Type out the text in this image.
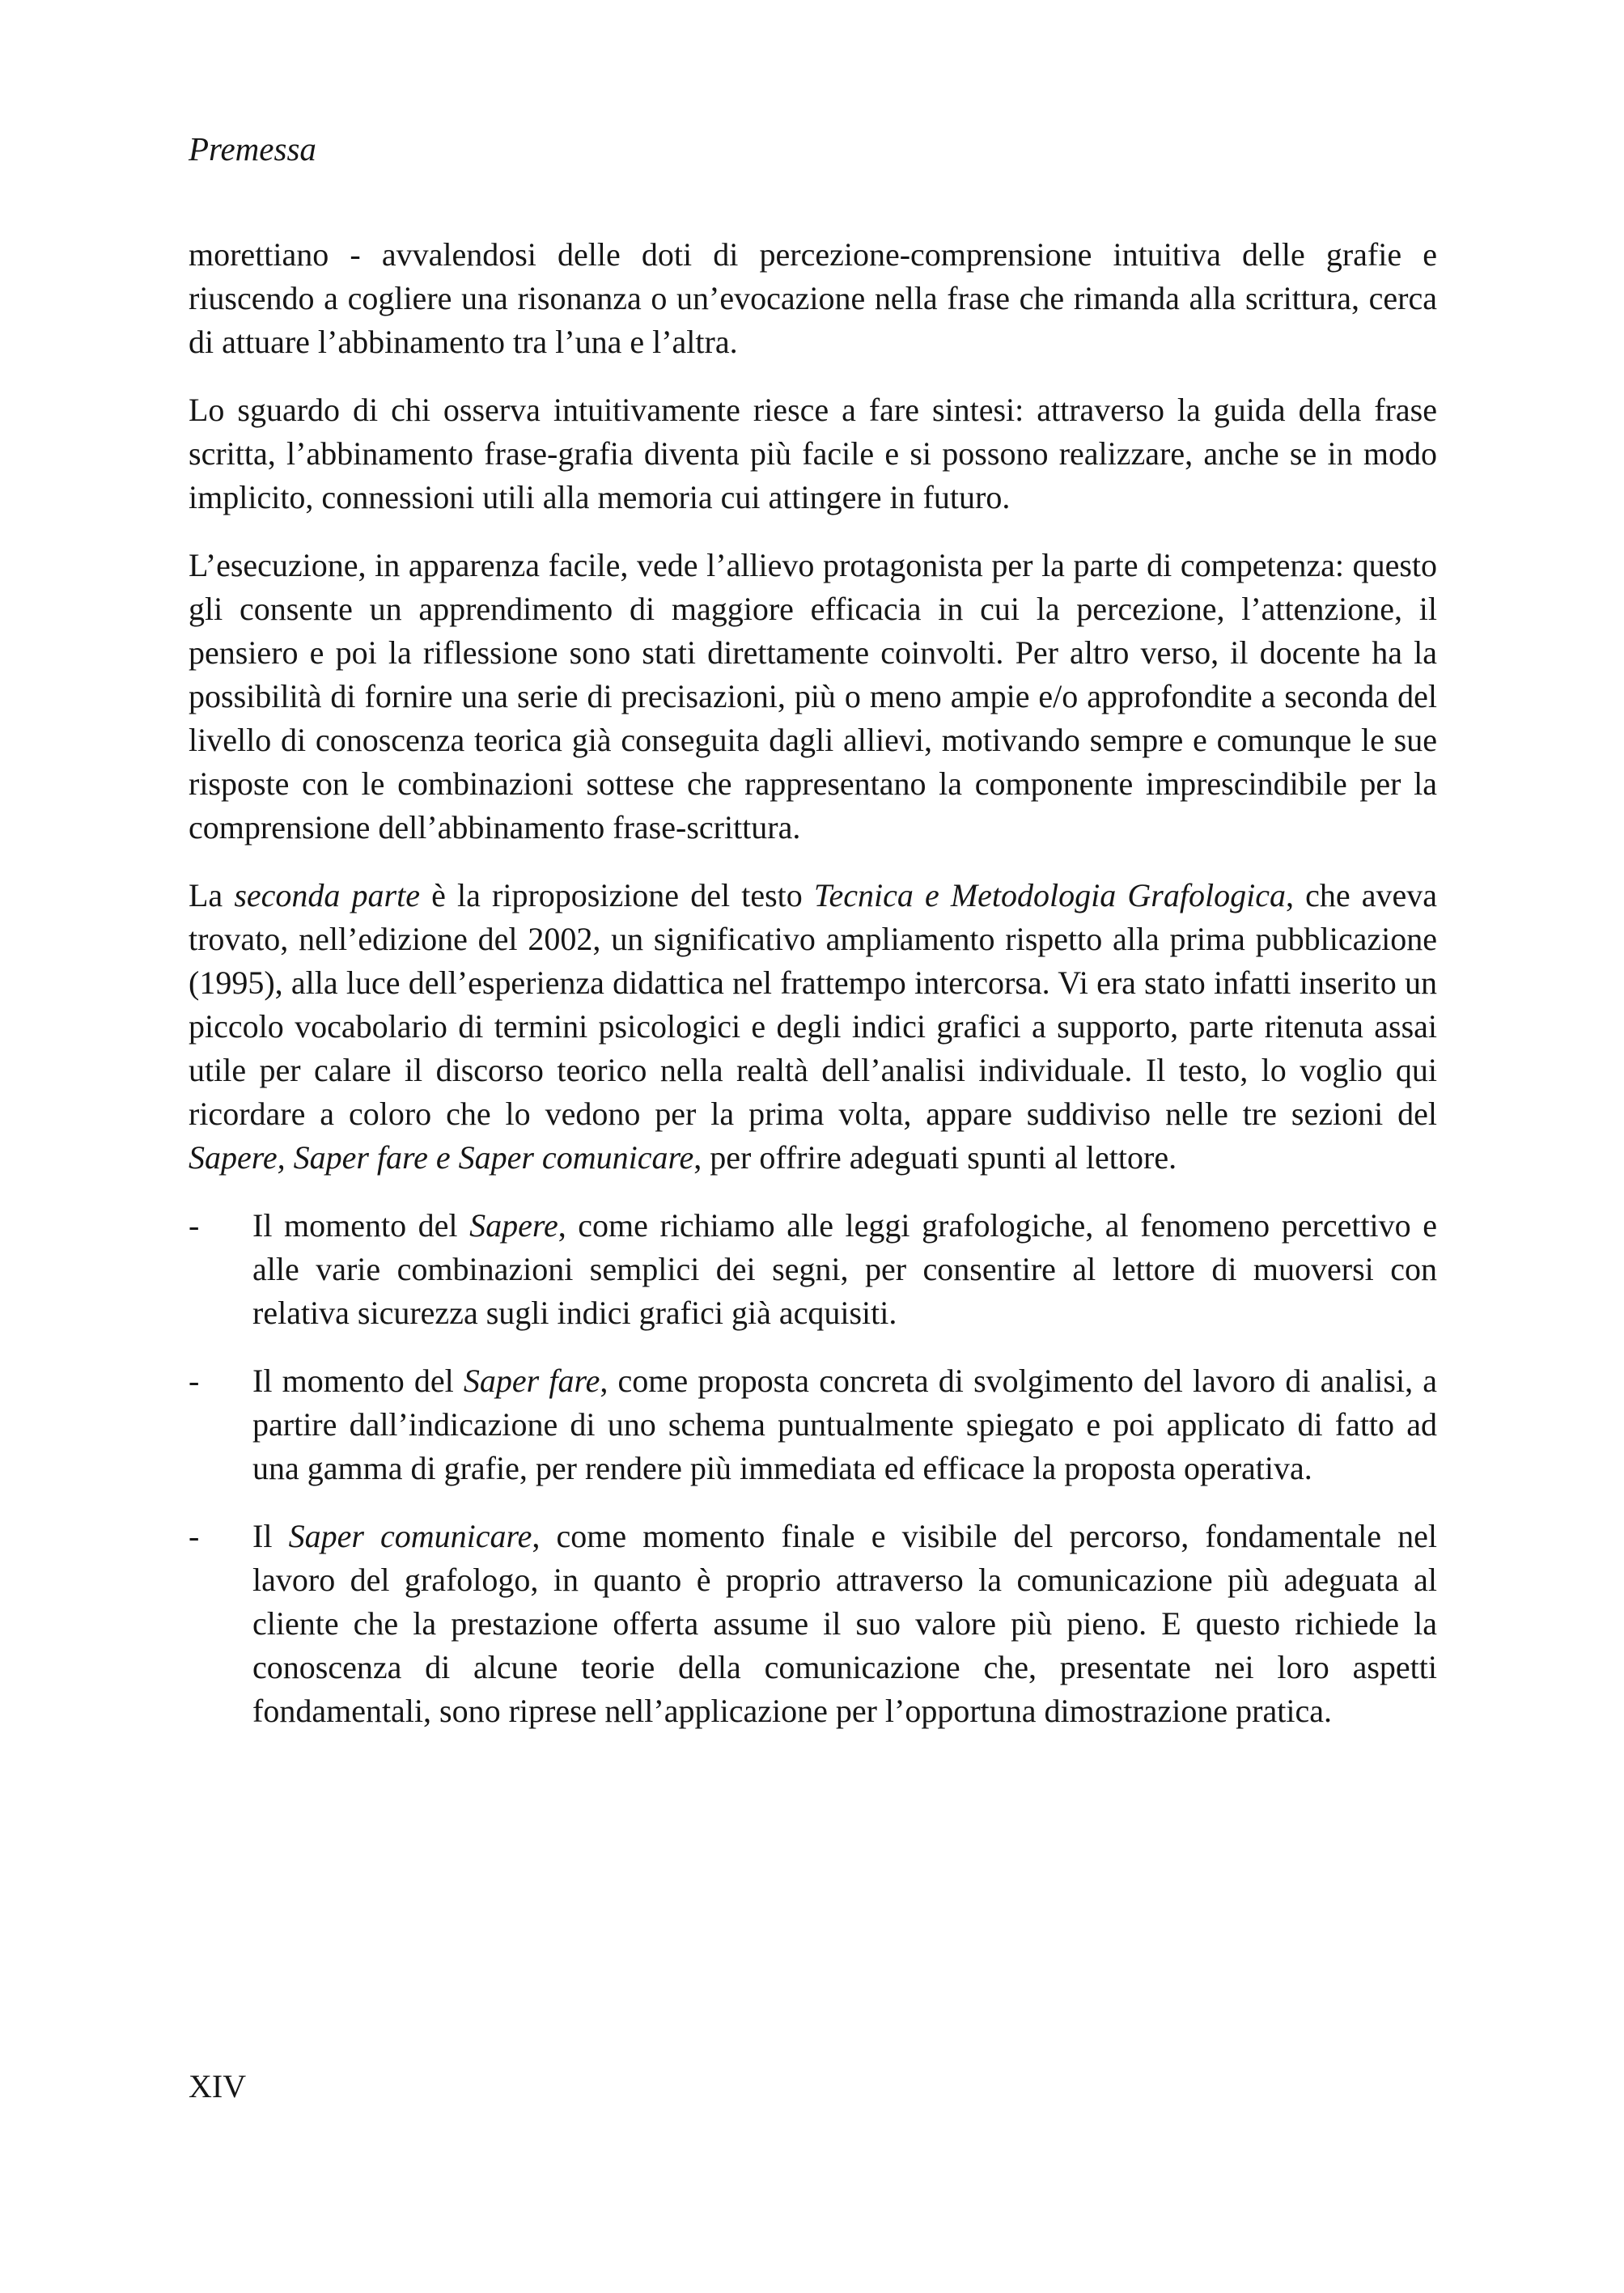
Premessa

morettiano - avvalendosi delle doti di percezione-comprensione intuitiva delle grafie e riuscendo a cogliere una risonanza o un’evocazione nella frase che rimanda alla scrittura, cerca di attuare l’abbinamento tra l’una e l’altra.

Lo sguardo di chi osserva intuitivamente riesce a fare sintesi: attraverso la guida della frase scritta, l’abbinamento frase-grafia diventa più facile e si possono realizzare, anche se in modo implicito, connessioni utili alla memoria cui attingere in futuro.

L’esecuzione, in apparenza facile, vede l’allievo protagonista per la parte di competenza: questo gli consente un apprendimento di maggiore efficacia in cui la percezione, l’attenzione, il pensiero e poi la riflessione sono stati direttamente coinvolti. Per altro verso, il docente ha la possibilità di fornire una serie di precisazioni, più o meno ampie e/o approfondite a seconda del livello di conoscenza teorica già conseguita dagli allievi, motivando sempre e comunque le sue risposte con le combinazioni sottese che rappresentano la componente imprescindibile per la comprensione dell’abbinamento frase-scrittura.

La seconda parte è la riproposizione del testo Tecnica e Metodologia Grafologica, che aveva trovato, nell’edizione del 2002, un significativo ampliamento rispetto alla prima pubblicazione (1995), alla luce dell’esperienza didattica nel frattempo intercorsa. Vi era stato infatti inserito un piccolo vocabolario di termini psicologici e degli indici grafici a supporto, parte ritenuta assai utile per calare il discorso teorico nella realtà dell’analisi individuale. Il testo, lo voglio qui ricordare a coloro che lo vedono per la prima volta, appare suddiviso nelle tre sezioni del Sapere, Saper fare e Saper comunicare, per offrire adeguati spunti al lettore.

-	Il momento del Sapere, come richiamo alle leggi grafologiche, al fenomeno percettivo e alle varie combinazioni semplici dei segni, per consentire al lettore di muoversi con relativa sicurezza sugli indici grafici già acquisiti.
-	Il momento del Saper fare, come proposta concreta di svolgimento del lavoro di analisi, a partire dall’indicazione di uno schema puntualmente spiegato e poi applicato di fatto ad una gamma di grafie, per rendere più immediata ed efficace la proposta operativa.
-	Il Saper comunicare, come momento finale e visibile del percorso, fondamentale nel lavoro del grafologo, in quanto è proprio attraverso la comunicazione più adeguata al cliente che la prestazione offerta assume il suo valore più pieno. E questo richiede la conoscenza di alcune teorie della comunicazione che, presentate nei loro aspetti fondamentali, sono riprese nell’applicazione per l’opportuna dimostrazione pratica.
XIV
